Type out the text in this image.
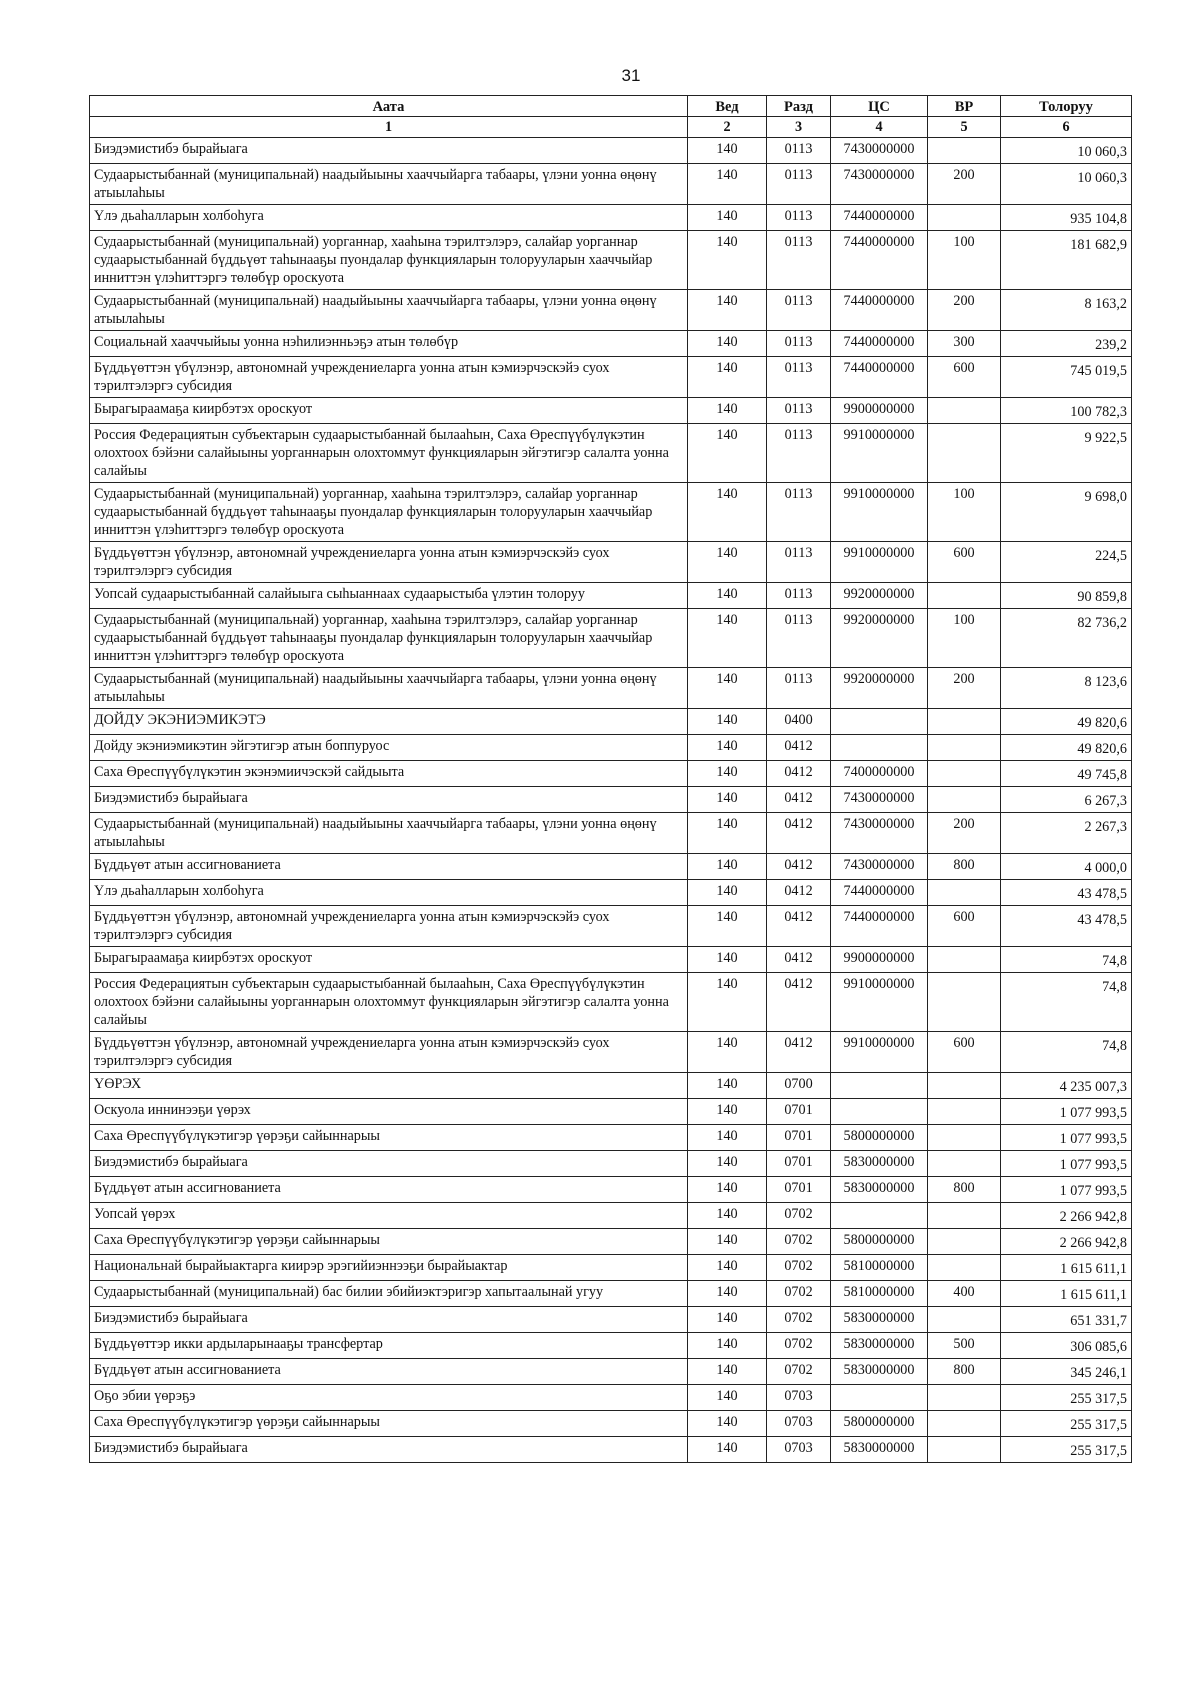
31
Аата	Вед	Разд	ЦС	ВР	Толоруу
1	2	3	4	5	6
Биэдэмистибэ бырайыага	140	0113	7430000000		10 060,3
Судаарыстыбаннай (муниципальнай) наадыйыыны хааччыйарга табаары, үлэни уонна өңөнү атыылаһыы	140	0113	7430000000	200	10 060,3
Үлэ дьаһалларын холбоһуга	140	0113	7440000000		935 104,8
Судаарыстыбаннай (муниципальнай) уорганнар, хааһына тэрилтэлэрэ, салайар уорганнар судаарыстыбаннай бүддьүөт таһынааҕы пуондалар функцияларын толорууларын хааччыйар инниттэн үлэһиттэргэ төлөбүр ороскуота	140	0113	7440000000	100	181 682,9
Судаарыстыбаннай (муниципальнай) наадыйыыны хааччыйарга табаары, үлэни уонна өңөнү атыылаһыы	140	0113	7440000000	200	8 163,2
Социальнай хааччыйыы уонна нэһилиэнньэҕэ атын төлөбүр	140	0113	7440000000	300	239,2
Бүддьүөттэн үбүлэнэр, автономнай учреждениеларга уонна атын кэмиэрчэскэйэ суох тэрилтэлэргэ субсидия	140	0113	7440000000	600	745 019,5
Бырагыраамаҕа киирбэтэх ороскуот	140	0113	9900000000		100 782,3
Россия Федерациятын субъектарын судаарыстыбаннай былааһын, Саха Өреспүүбүлүкэтин олохтоох бэйэни салайыыны уорганнарын олохтоммут функцияларын эйгэтигэр салалта уонна салайыы	140	0113	9910000000		9 922,5
Судаарыстыбаннай (муниципальнай) уорганнар, хааһына тэрилтэлэрэ, салайар уорганнар судаарыстыбаннай бүддьүөт таһынааҕы пуондалар функцияларын толорууларын хааччыйар инниттэн үлэһиттэргэ төлөбүр ороскуота	140	0113	9910000000	100	9 698,0
Бүддьүөттэн үбүлэнэр, автономнай учреждениеларга уонна атын кэмиэрчэскэйэ суох тэрилтэлэргэ субсидия	140	0113	9910000000	600	224,5
Уопсай судаарыстыбаннай салайыыга сыһыаннаах судаарыстыба үлэтин толоруу	140	0113	9920000000		90 859,8
Судаарыстыбаннай (муниципальнай) уорганнар, хааһына тэрилтэлэрэ, салайар уорганнар судаарыстыбаннай бүддьүөт таһынааҕы пуондалар функцияларын толорууларын хааччыйар инниттэн үлэһиттэргэ төлөбүр ороскуота	140	0113	9920000000	100	82 736,2
Судаарыстыбаннай (муниципальнай) наадыйыыны хааччыйарга табаары, үлэни уонна өңөнү атыылаһыы	140	0113	9920000000	200	8 123,6
ДОЙДУ ЭКЭНИЭМИКЭТЭ	140	0400			49 820,6
Дойду экэниэмикэтин эйгэтигэр атын боппуруос	140	0412			49 820,6
Саха Өреспүүбүлүкэтин экэнэмиичэскэй сайдыыта	140	0412	7400000000		49 745,8
Биэдэмистибэ бырайыага	140	0412	7430000000		6 267,3
Судаарыстыбаннай (муниципальнай) наадыйыыны хааччыйарга табаары, үлэни уонна өңөнү атыылаһыы	140	0412	7430000000	200	2 267,3
Бүддьүөт атын ассигнованиета	140	0412	7430000000	800	4 000,0
Үлэ дьаһалларын холбоһуга	140	0412	7440000000		43 478,5
Бүддьүөттэн үбүлэнэр, автономнай учреждениеларга уонна атын кэмиэрчэскэйэ суох тэрилтэлэргэ субсидия	140	0412	7440000000	600	43 478,5
Бырагыраамаҕа киирбэтэх ороскуот	140	0412	9900000000		74,8
Россия Федерациятын субъектарын судаарыстыбаннай былааһын, Саха Өреспүүбүлүкэтин олохтоох бэйэни салайыыны уорганнарын олохтоммут функцияларын эйгэтигэр салалта уонна салайыы	140	0412	9910000000		74,8
Бүддьүөттэн үбүлэнэр, автономнай учреждениеларга уонна атын кэмиэрчэскэйэ суох тэрилтэлэргэ субсидия	140	0412	9910000000	600	74,8
ҮӨРЭХ	140	0700			4 235 007,3
Оскуола иннинээҕи үөрэх	140	0701			1 077 993,5
Саха Өреспүүбүлүкэтигэр үөрэҕи сайыннарыы	140	0701	5800000000		1 077 993,5
Биэдэмистибэ бырайыага	140	0701	5830000000		1 077 993,5
Бүддьүөт атын ассигнованиета	140	0701	5830000000	800	1 077 993,5
Уопсай үөрэх	140	0702			2 266 942,8
Саха Өреспүүбүлүкэтигэр үөрэҕи сайыннарыы	140	0702	5800000000		2 266 942,8
Национальнай бырайыактарга киирэр эрэгийиэннээҕи бырайыактар	140	0702	5810000000		1 615 611,1
Судаарыстыбаннай (муниципальнай) бас билии эбийиэктэригэр хапытаалынай угуу	140	0702	5810000000	400	1 615 611,1
Биэдэмистибэ бырайыага	140	0702	5830000000		651 331,7
Бүддьүөттэр икки ардыларынааҕы трансфертар	140	0702	5830000000	500	306 085,6
Бүддьүөт атын ассигнованиета	140	0702	5830000000	800	345 246,1
Оҕо эбии үөрэҕэ	140	0703			255 317,5
Саха Өреспүүбүлүкэтигэр үөрэҕи сайыннарыы	140	0703	5800000000		255 317,5
Биэдэмистибэ бырайыага	140	0703	5830000000		255 317,5
